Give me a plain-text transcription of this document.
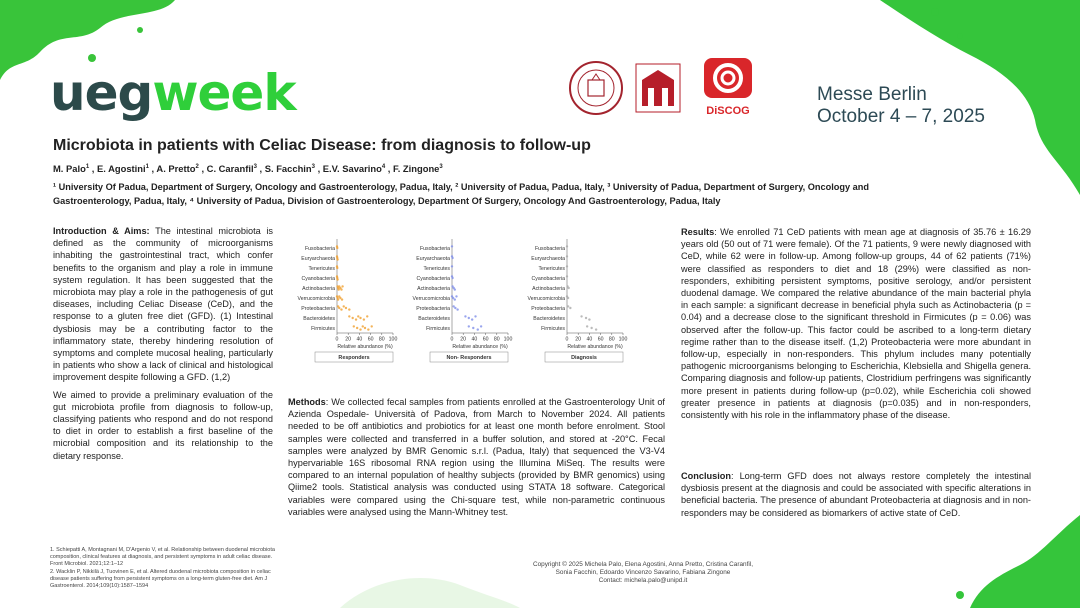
uegweek	DiSCOG
Messe Berlin
October 4 – 7, 2025
Microbiota in patients with Celiac Disease: from diagnosis to follow-up
M. Palo$^1$ , E. Agostini$^1$ , A. Pretto$^2$ , C. Caranfil$^3$ , S. Facchin$^3$ , E.V. Savarino$^4$ , F. Zingone$^3$
¹ University Of Padua, Department of Surgery, Oncology and Gastroenterology, Padua, Italy, ² University of Padua, Padua, Italy, ³ University of Padua, Department of Surgery, Oncology and Gastroenterology, Padua, Italy, ⁴ University of Padua, Division of Gastroenterology, Department Of Surgery, Oncology And Gastroenterology, Padua, Italy

Introduction & Aims: The intestinal microbiota is defined as the community of microorganisms inhabiting the gastrointestinal tract, which confer benefits to the organism and play a role in immune system regulation. It has been suggested that the microbiota may play a role in the pathogenesis of gut diseases, including Celiac Disease (CeD), and the response to a gluten free diet (GFD). (1) Intestinal dysbiosis may be a contributing factor to the inflammatory state, thereby hindering resolution of symptoms and complete mucosal healing, particularly in patients who show a lack of clinical and histological improvement despite following a GFD. (1,2)

We aimed to provide a preliminary evaluation of the gut microbiota profile from diagnosis to follow-up, classifying patients who respond and do not respond to diet in order to establish a first baseline of the microbial composition and its relationship to the dietary response.

Fusobacteria
Euryarchaeota
Tenericutes
Cyanobacteria
Actinobacteria
Verrucomicrobia
Proteobacteria
Bacteroidetes
Firmicutes
0 20 40 60 80 100
Relative abundance (%)
Responders
Fusobacteria
Euryarchaeota
Tenericutes
Cyanobacteria
Actinobacteria
Verrucomicrobia
Proteobacteria
Bacteroidetes
Firmicutes
0 20 40 60 80 100
Relative abundance (%)
Non- Responders
Fusobacteria
Euryarchaeota
Tenericutes
Cyanobacteria
Actinobacteria
Verrucomicrobia
Proteobacteria
Bacteroidetes
Firmicutes
0 20 40 60 80 100
Relative abundance (%)
Diagnosis

Methods: We collected fecal samples from patients enrolled at the Gastroenterology Unit of Azienda Ospedale- Università of Padova, from March to November 2024. All patients needed to be off antibiotics and probiotics for at least one month before enrolment. Stool samples were collected and transferred in a buffer solution, and stored at -20°C. Fecal samples were analyzed by BMR Genomic s.r.l. (Padua, Italy) that sequenced the V3-V4 hypervariable 16S ribosomal RNA region using the Illumina MiSeq. The results were compared to an internal population of healthy subjects (provided by BMR genomics) using Qiime2 tools. Statistical analysis was conducted using STATA 18 software. Categorical variables were compared using the Chi-square test, while non-parametric continuous variables were analysed using the Mann-Whitney test.

Results: We enrolled 71 CeD patients with mean age at diagnosis of 35.76 ± 16.29 years old (50 out of 71 were female). Of the 71 patients, 9 were newly diagnosed with CeD, while 62 were in follow-up. Among follow-up groups, 44 of 62 patients (71%) were classified as responders to diet and 18 (29%) were classified as non- responders, exhibiting persistent symptoms, positive serology, and/or persistent duodenal damage. We compared the relative abundance of the main bacterial phyla in each sample: a significant decrease in beneficial phyla such as Actinobacteria (p = 0.04) and a decrease close to the significant threshold in Firmicutes (p = 0.06) was observed after the follow-up. This factor could be ascribed to a long-term dietary regime rather than to the disease itself. (1,2) Proteobacteria were more abundant in follow-up, especially in non-responders. This phylum includes many potentially pathogenic microorganisms belonging to Escherichia, Klebsiella and Shigella genera. Comparing diagnosis and follow-up patients, Clostridium perfringens was significantly more present in patients during follow-up (p=0.02), while Escherichia coli showed greater presence in patients at diagnosis (p=0.035) and in non-responders, consistently with his role in the inflammatory phase of the disease.

Conclusion: Long-term GFD does not always restore completely the intestinal dysbiosis present at the diagnosis and could be associated with specific alterations in beneficial bacteria. The presence of abundant Proteobacteria at diagnosis and in non-responders may be considered as biomarkers of active state of CeD.

1. Schiepatti A, Montagnani M, D'Argenio V, et al. Relationship between duodenal microbiota composition, clinical features at diagnosis, and persistent symptoms in adult celiac disease. Front Microbiol. 2021;12:1–12

2. Wacklin P, Nikkilä J, Tuovinen E, et al. Altered duodenal microbiota composition in celiac disease patients suffering from persistent symptoms on a long-term gluten-free diet. Am J Gastroenterol. 2014;109(10):1587–1594

Copyright © 2025 Michela Palo, Elena Agostini, Anna Pretto, Cristina Caranfil, Sonia Facchin, Edoardo Vincenzo Savarino, Fabiana Zingone
Contact: michela.palo@unipd.it
